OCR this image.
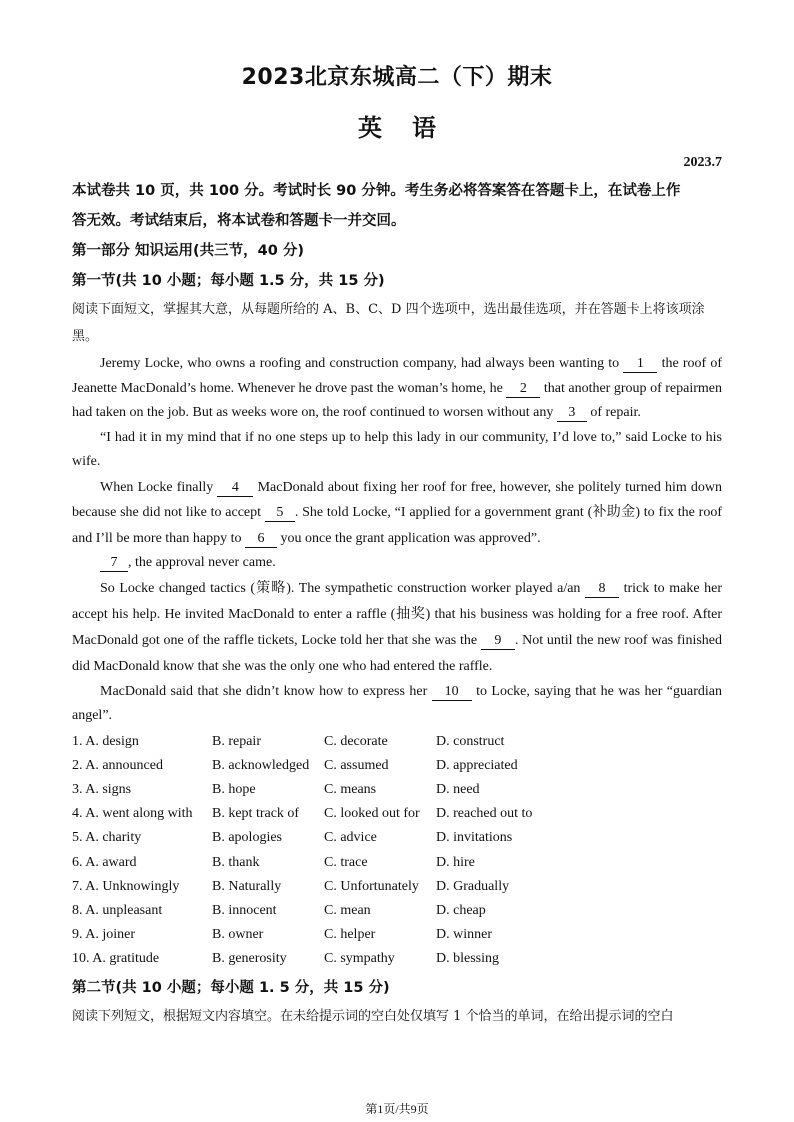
2023北京东城高二（下）期末
英语
2023.7

本试卷共 10 页，共 100 分。考试时长 90 分钟。考生务必将答案答在答题卡上，在试卷上作

答无效。考试结束后，将本试卷和答题卡一并交回。

第一部分 知识运用(共三节，40 分)

第一节(共 10 小题；每小题 1.5 分，共 15 分)

阅读下面短文，掌握其大意，从每题所给的 A、B、C、D 四个选项中，选出最佳选项，并在答题卡上将该项涂黑。

Jeremy Locke, who owns a roofing and construction company, had always been wanting to 1 the roof of Jeanette MacDonald’s home. Whenever he drove past the woman’s home, he 2 that another group of repairmen had taken on the job. But as weeks wore on, the roof continued to worsen without any 3 of repair.

“I had it in my mind that if no one steps up to help this lady in our community, I’d love to,” said Locke to his wife.

When Locke finally 4 MacDonald about fixing her roof for free, however, she politely turned him down because she did not like to accept 5 . She told Locke, “I applied for a government grant (补助金) to fix the roof and I’ll be more than happy to 6 you once the grant application was approved”.

7 , the approval never came.

So Locke changed tactics (策略). The sympathetic construction worker played a/an 8 trick to make her accept his help. He invited MacDonald to enter a raffle (抽奖) that his business was holding for a free roof. After MacDonald got one of the raffle tickets, Locke told her that she was the 9 . Not until the new roof was finished did MacDonald know that she was the only one who had entered the raffle.

MacDonald said that she didn’t know how to express her 10 to Locke, saying that he was her “guardian angel”.

1. A. design	B. repair	C. decorate	D. construct
2. A. announced	B. acknowledged	C. assumed	D. appreciated
3. A. signs	B. hope	C. means	D. need
4. A. went along with	B. kept track of	C. looked out for	D. reached out to
5. A. charity	B. apologies	C. advice	D. invitations
6. A. award	B. thank	C. trace	D. hire
7. A. Unknowingly	B. Naturally	C. Unfortunately	D. Gradually
8. A. unpleasant	B. innocent	C. mean	D. cheap
9. A. joiner	B. owner	C. helper	D. winner
10. A. gratitude	B. generosity	C. sympathy	D. blessing

第二节(共 10 小题；每小题 1. 5 分，共 15 分)

阅读下列短文，根据短文内容填空。在未给提示词的空白处仅填写 1 个恰当的单词，在给出提示词的空白

第1页/共9页
